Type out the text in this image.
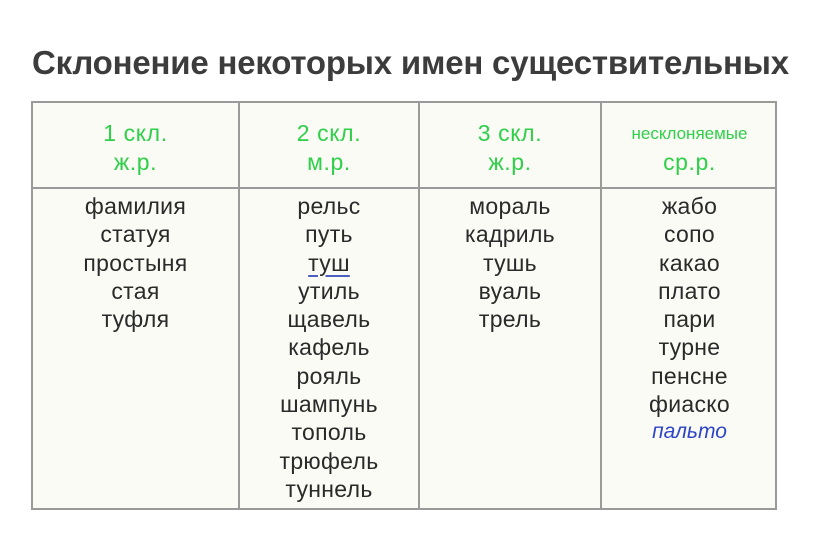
Склонение некоторых имен существительных
1 скл.
ж.р.
фамилия
статуя
простыня
стая
туфля
2 скл.
м.р.
рельс
путь
туш
утиль
щавель
кафель
рояль
шампунь
тополь
трюфель
туннель
3 скл.
ж.р.
мораль
кадриль
тушь
вуаль
трель
несклоняемые
ср.р.
жабо
сопо
какао
плато
пари
турне
пенсне
фиаско
пальто
